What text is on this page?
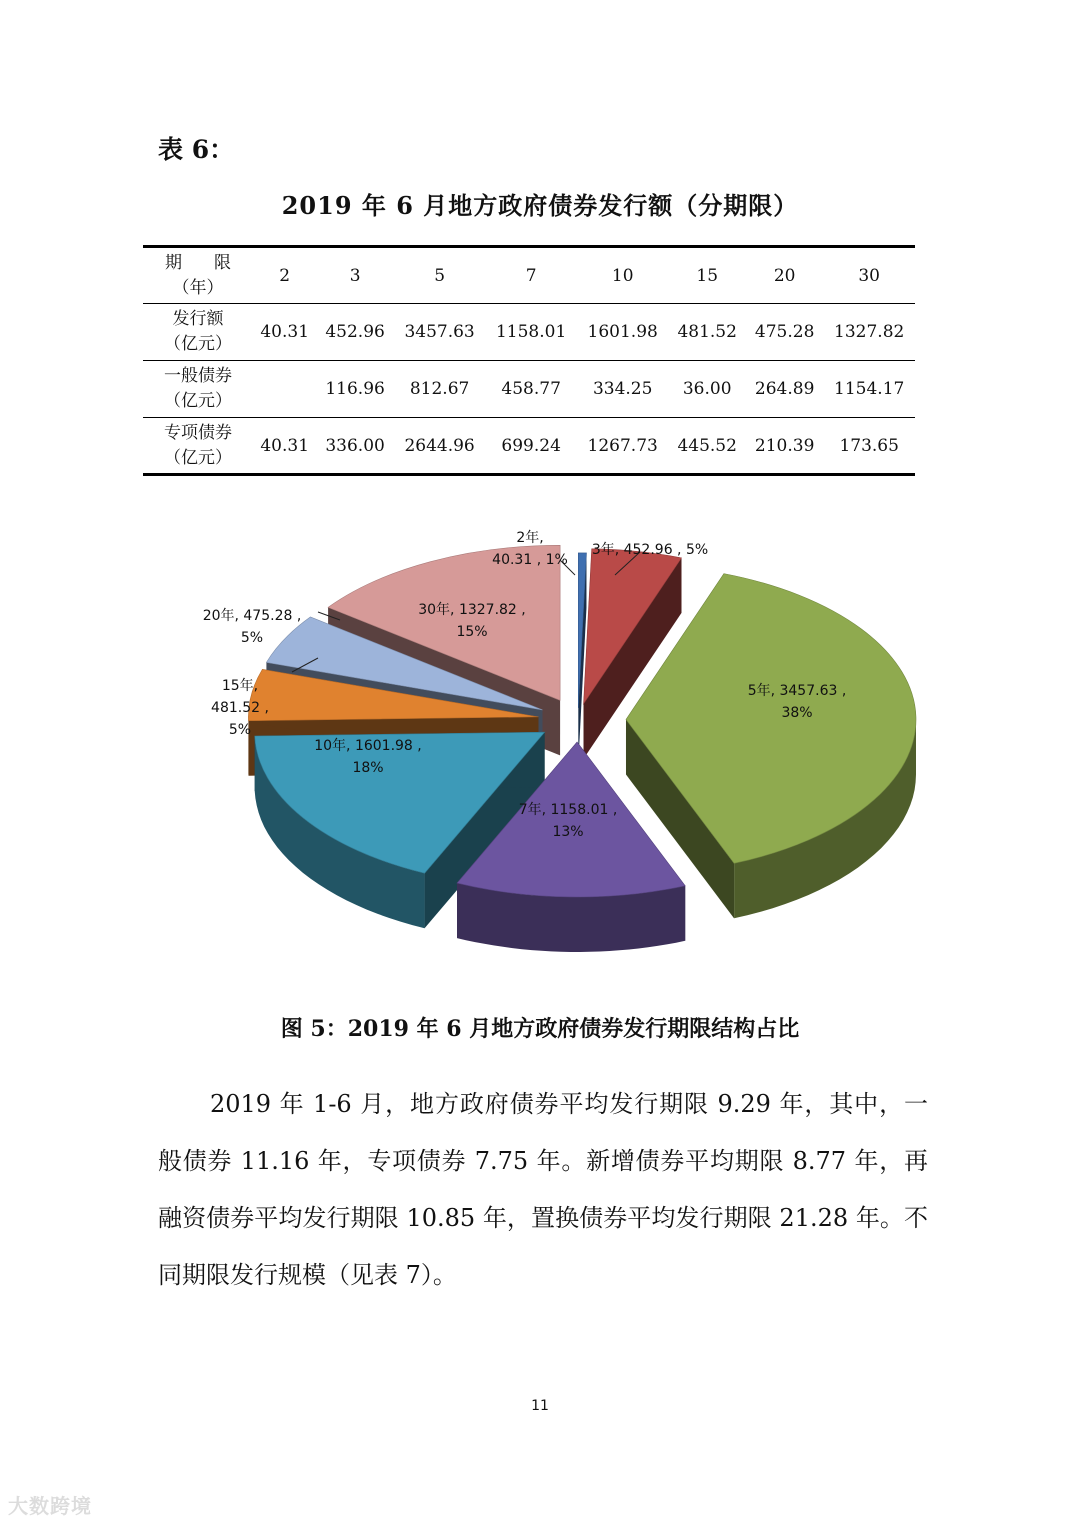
表 6：
2019 年 6 月地方政府债券发行额（分期限）
期限
（年）	2	3	5	7	10	15	20	30

发行额
（亿元）	40.31	452.96	3457.63	1158.01	1601.98	481.52	475.28	1327.82

一般债券
（亿元）		116.96	812.67	458.77	334.25	36.00	264.89	1154.17

专项债券
（亿元）	40.31	336.00	2644.96	699.24	1267.73	445.52	210.39	173.65
2年, 40.31 , 1%
3年, 452.96 , 5%
5年, 3457.63 , 38%
7年, 1158.01 , 13%
10年, 1601.98 , 18%
15年, 481.52 , 5%
20年, 475.28 , 5%
30年, 1327.82 , 15%
图 5：2019 年 6 月地方政府债券发行期限结构占比

2019 年 1-6 月，地方政府债券平均发行期限 9.29 年，其中，一般债券 11.16 年，专项债券 7.75 年。新增债券平均期限 8.77 年，再融资债券平均发行期限 10.85 年，置换债券平均发行期限 21.28 年。不同期限发行规模（见表 7）。

11
大数跨境
